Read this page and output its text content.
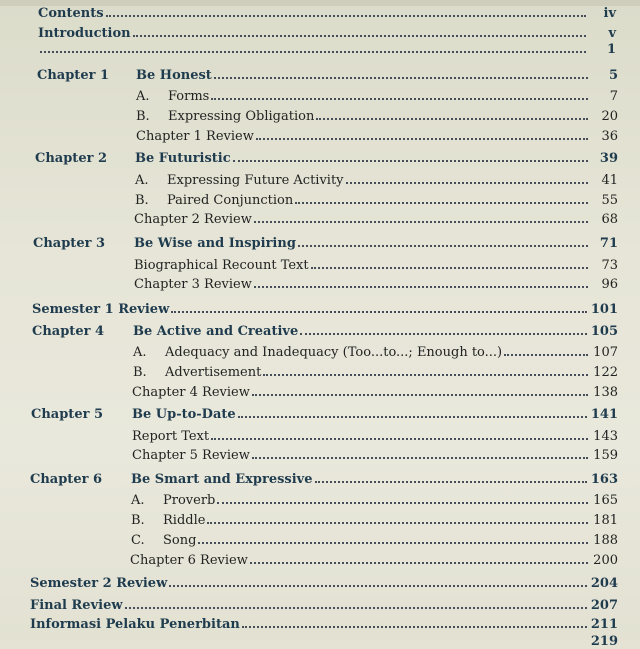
Contents	iv
Introduction	v
1
Chapter 1 Be Honest	5
A.	Forms	7
B.	Expressing Obligation	20
Chapter 1 Review	36
Chapter 2 Be Futuristic	39
A.	Expressing Future Activity	41
B.	Paired Conjunction	55
Chapter 2 Review	68
Chapter 3 Be Wise and Inspiring	71
Biographical Recount Text	73
Chapter 3 Review	96
Semester 1 Review	101
Chapter 4 Be Active and Creative	105
A.	Adequacy and Inadequacy (Too...to...; Enough to...)	107
B.	Advertisement	122
Chapter 4 Review	138
Chapter 5 Be Up-to-Date	141
Report Text	143
Chapter 5 Review	159
Chapter 6 Be Smart and Expressive	163
A.	Proverb	165
B.	Riddle	181
C.	Song	188
Chapter 6 Review	200
Semester 2 Review	204
Final Review	207
Informasi Pelaku Penerbitan	211
219
